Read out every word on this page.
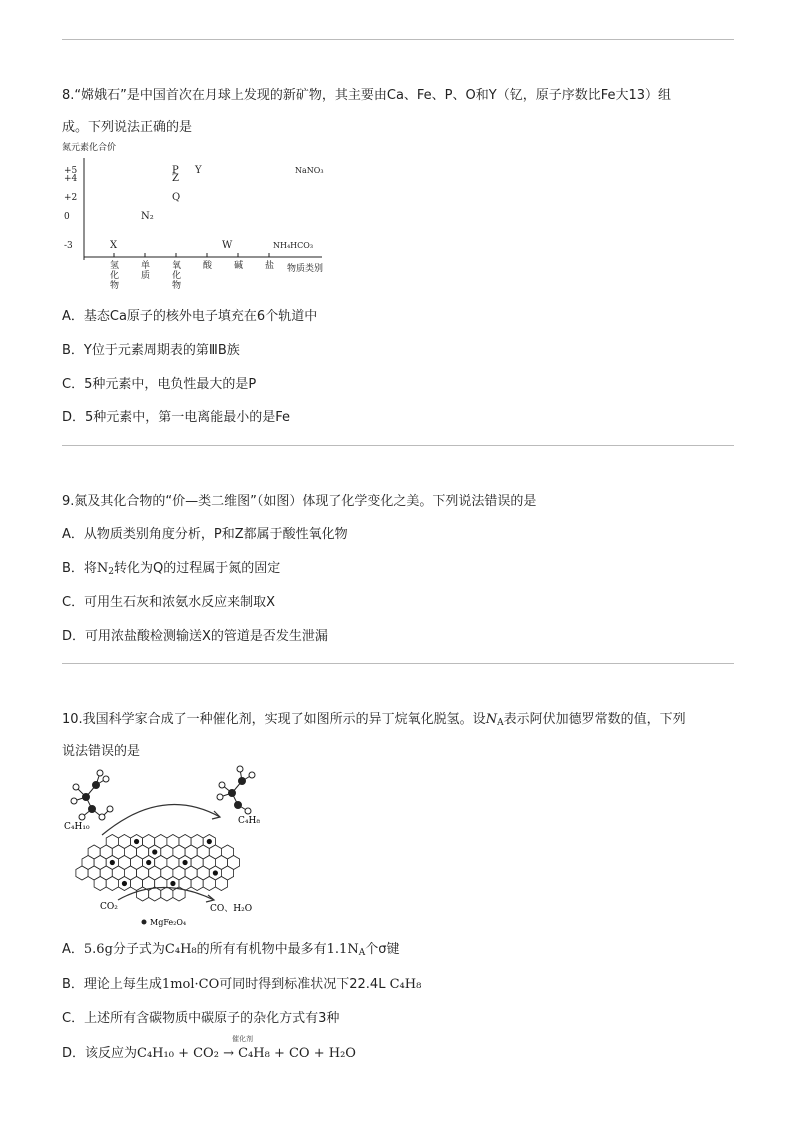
8.“嫦娥石”是中国首次在月球上发现的新矿物，其主要由Ca、Fe、P、O和Y（钇，原子序数比Fe大13）组
成。下列说法正确的是
氮元素化合价
+5
+4
+2
0
-3
氢
化
物
单
质
氧
化
物
酸 碱 盐 物质类别
X
N₂
P
Z
Q
Y
W
NaNO₃
NH₄HCO₃
A．基态Ca原子的核外电子填充在6个轨道中
B．Y位于元素周期表的第ⅢB族
C．5种元素中，电负性最大的是P
D．5种元素中，第一电离能最小的是Fe
9.氮及其化合物的“价—类二维图”（如图）体现了化学变化之美。下列说法错误的是
A．从物质类别角度分析，P和Z都属于酸性氧化物
B．将$N_2$转化为Q的过程属于氮的固定
C．可用生石灰和浓氨水反应来制取X
D．可用浓盐酸检测输送X的管道是否发生泄漏
10.我国科学家合成了一种催化剂，实现了如图所示的异丁烷氧化脱氢。设$N_A$表示阿伏加德罗常数的值，下列
说法错误的是
C₄H₁₀
C₄H₈
CO₂	CO、H₂O
MgFe₂O₄
A．5.6g分子式为C₄H₈的所有有机物中最多有$1.1N_A$个σ键
B．理论上每生成1mol·CO可同时得到标准状况下22.4L C₄H₈
C．上述所有含碳物质中碳原子的杂化方式有3种
催化剂
D．该反应为C₄H₁₀ + CO₂ → C₄H₈ + CO + H₂O
